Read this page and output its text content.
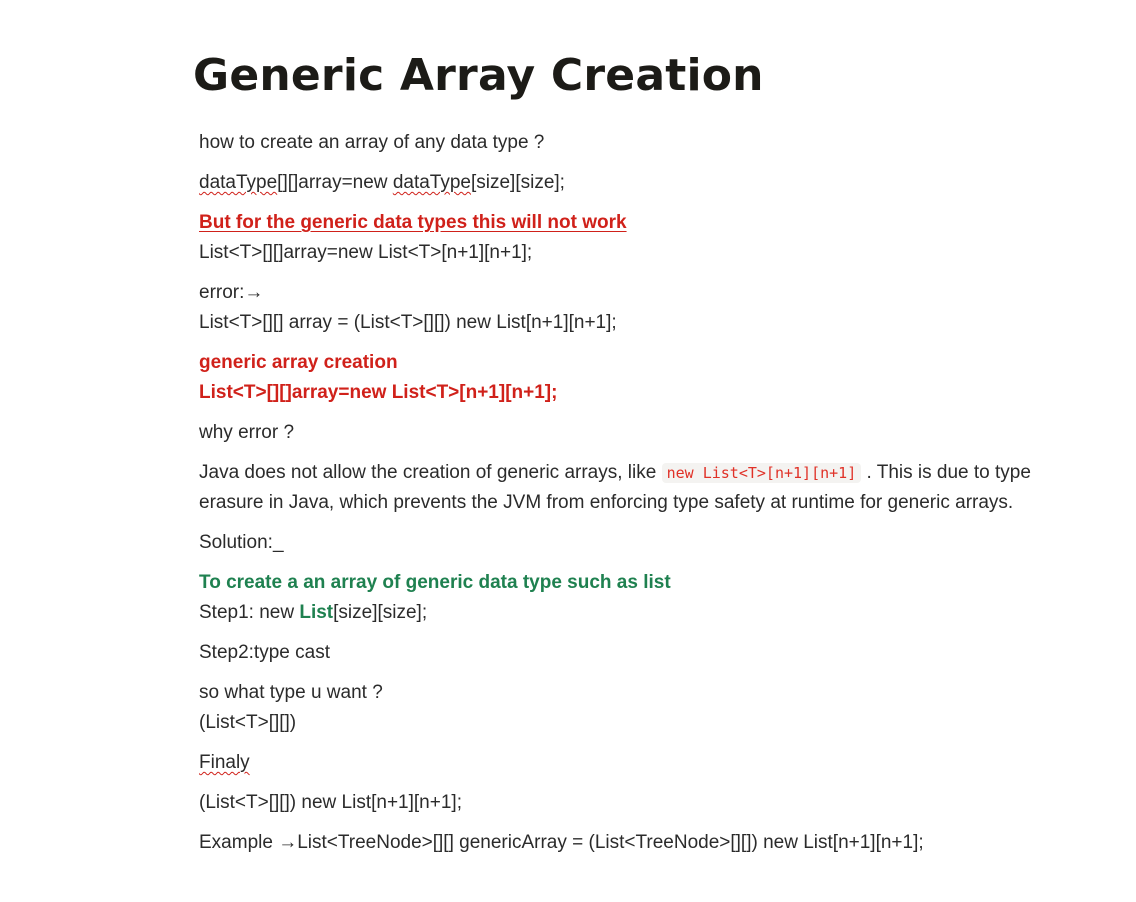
Generic Array Creation

how to create an array of any data type ?

dataType[][]array=new dataType[size][size];

But for the generic data types this will not work

List<T>[][]array=new List<T>[n+1][n+1];

error:→

List<T>[][] array = (List<T>[][]) new List[n+1][n+1];

generic array creation

List<T>[][]array=new List<T>[n+1][n+1];

why error ?

Java does not allow the creation of generic arrays, like new List<T>[n+1][n+1] . This is due to type erasure in Java, which prevents the JVM from enforcing type safety at runtime for generic arrays.

Solution:_

To create a an array of generic data type such as list

Step1: new List[size][size];

Step2:type cast

so what type u want ?

(List<T>[][])

Finaly

(List<T>[][]) new List[n+1][n+1];

Example →List<TreeNode>[][] genericArray = (List<TreeNode>[][]) new List[n+1][n+1];
